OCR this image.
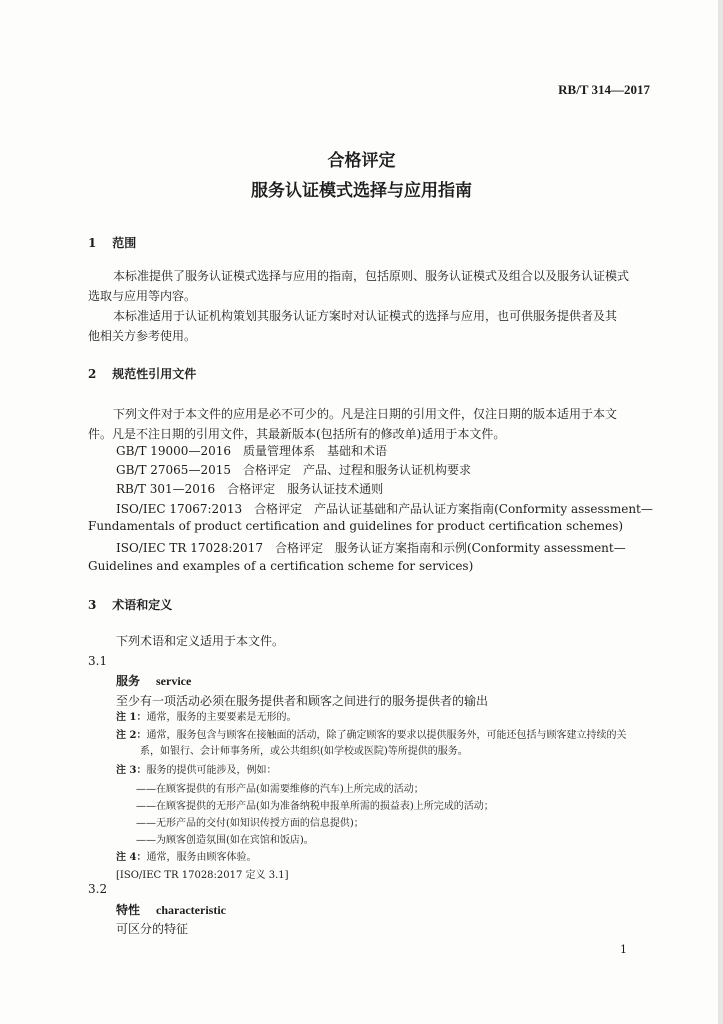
RB/T 314—2017
合格评定
服务认证模式选择与应用指南
1 范围
本标准提供了服务认证模式选择与应用的指南，包括原则、服务认证模式及组合以及服务认证模式
选取与应用等内容。
本标准适用于认证机构策划其服务认证方案时对认证模式的选择与应用，也可供服务提供者及其
他相关方参考使用。
2 规范性引用文件
下列文件对于本文件的应用是必不可少的。凡是注日期的引用文件，仅注日期的版本适用于本文
件。凡是不注日期的引用文件，其最新版本(包括所有的修改单)适用于本文件。
GB/T 19000—2016　质量管理体系　基础和术语
GB/T 27065—2015　合格评定　产品、过程和服务认证机构要求
RB/T 301—2016　合格评定　服务认证技术通则
ISO/IEC 17067:2013　合格评定　产品认证基础和产品认证方案指南(Conformity assessment—
Fundamentals of product certification and guidelines for product certification schemes)
ISO/IEC TR 17028:2017　合格评定　服务认证方案指南和示例(Conformity assessment—
Guidelines and examples of a certification scheme for services)
3 术语和定义
下列术语和定义适用于本文件。
3.1
服务 service
至少有一项活动必须在服务提供者和顾客之间进行的服务提供者的输出
注 1：通常，服务的主要要素是无形的。
注 2：通常，服务包含与顾客在接触面的活动，除了确定顾客的要求以提供服务外，可能还包括与顾客建立持续的关
系，如银行、会计师事务所，或公共组织(如学校或医院)等所提供的服务。
注 3：服务的提供可能涉及，例如：
——在顾客提供的有形产品(如需要维修的汽车)上所完成的活动；
——在顾客提供的无形产品(如为准备纳税申报单所需的损益表)上所完成的活动；
——无形产品的交付(如知识传授方面的信息提供)；
——为顾客创造氛围(如在宾馆和饭店)。
注 4：通常，服务由顾客体验。
[ISO/IEC TR 17028:2017 定义 3.1]
3.2
特性 characteristic
可区分的特征
1
